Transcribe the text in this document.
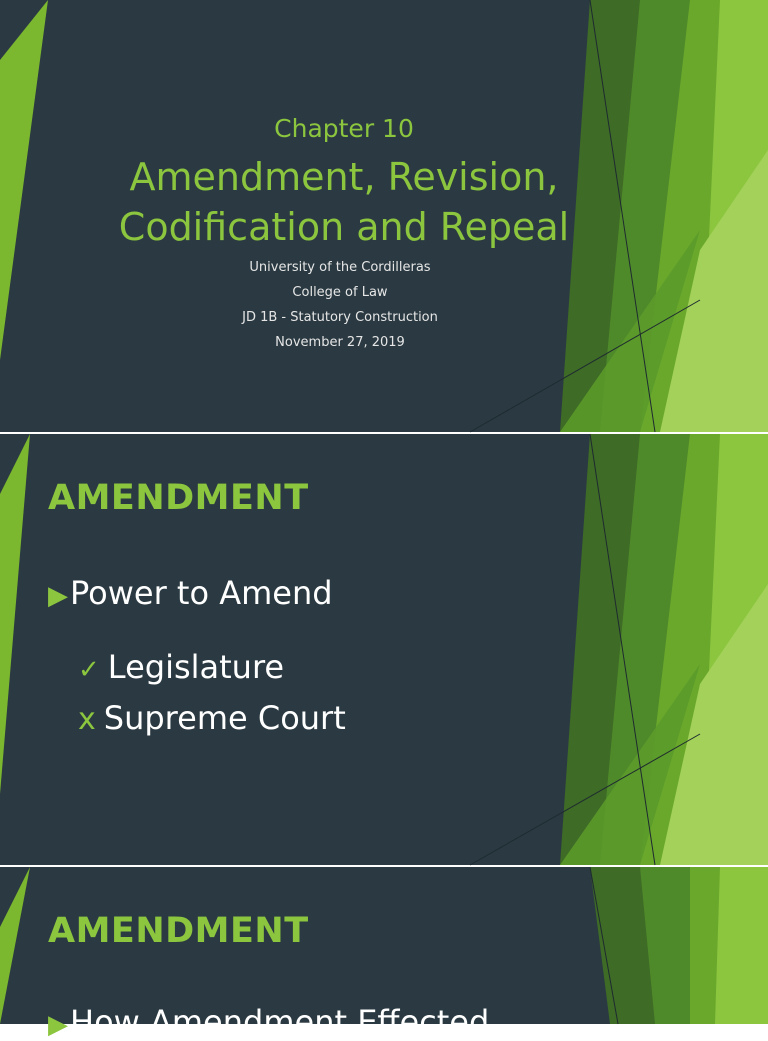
Chapter 10
Amendment, Revision,
Codification and Repeal
University of the Cordilleras
College of Law
JD 1B - Statutory Construction
November 27, 2019
AMENDMENT
▶Power to Amend
✓ Legislature
x Supreme Court
AMENDMENT
▶How Amendment Effected
